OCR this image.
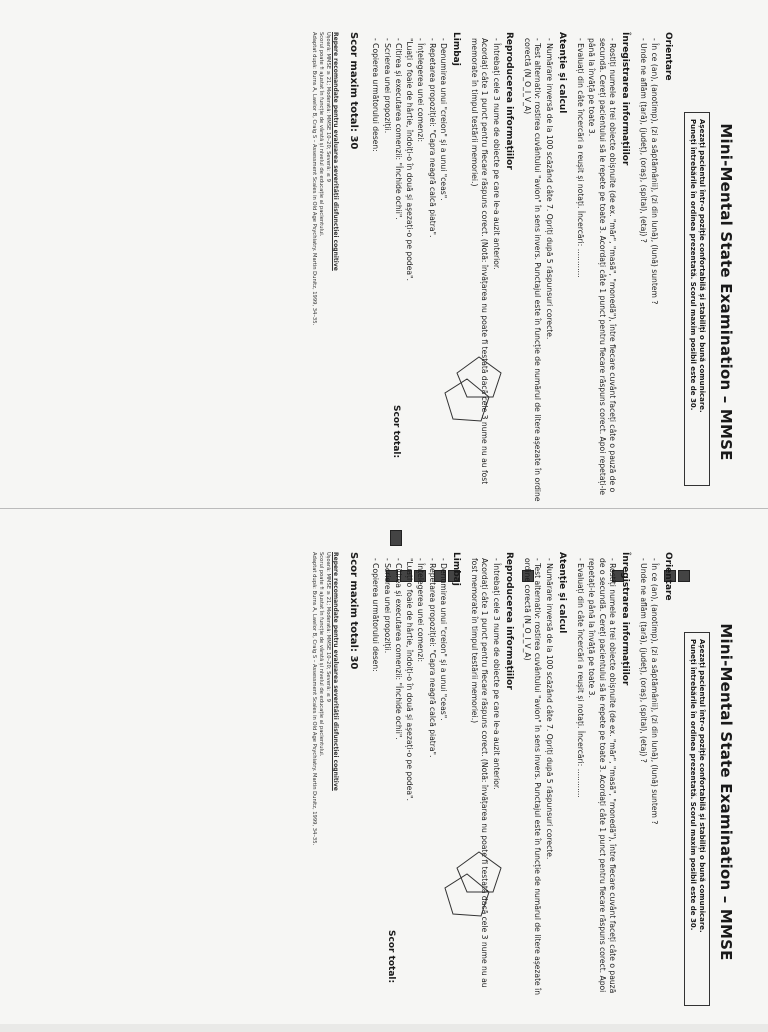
Mini-Mental State Examination – MMSE
Așezați pacientul într-o poziție confortabilă și stabiliți o bună comunicare.
Puneți întrebările în ordinea prezentată. Scorul maxim posibil este de 30.
Orientare
- În ce (an), (anotimp), (zi a săptămânii), (zi din lună), (lună) suntem ?
- Unde ne aflăm (țară), (județ), (oraș), (spital), (etaj) ?
Înregistrarea informațiilor
- Rostiți numele a trei obiecte obișnuite (de ex. "măr", "masă", "monedă"), între fiecare cuvânt faceți câte o pauză de o secundă. Cereți pacientului să le repete pe toate 3. Acordați câte 1 punct pentru fiecare răspuns corect. Apoi repetați-le până la învăță pe toate 3.
- Evaluați din câte încercări a reușit și notați. Încercări: ............
Atenție și calcul
- Numărare inversă de la 100 scăzând câte 7. Opriți după 5 răspunsuri corecte.
- Test alternativ: rostirea cuvântului "avion" în sens invers. Punctajul este în funcție de numărul de litere așezate în ordine corectă (N_O_I_V_A)
Reproducerea informațiilor
- Întrebați cele 3 nume de obiecte pe care le-a auzit anterior.
Acordați câte 1 punct pentru fiecare răspuns corect. (Notă: învățarea nu poate fi testată dacă cele 3 nume nu au fost memorate în timpul testării memoriei.)
Limbaj
- Denumirea unui "creion" și a unui "ceas".
- Repetarea propoziției: "Capra neagră calcă piatra".
- Înțelegerea unei comenzi:
"Luați o foaie de hârtie, îndoiți-o în două și așezați-o pe podea".
- Citirea și executarea comenzii: "Închide ochii".
- Scrierea unei propoziții.
- Copierea următorului desen:
Scor maxim total: 30
Repere recomandate pentru evaluarea severității disfuncției cognitive
Ușoară: MMSE ≥ 21; Moderată: MMSE 10–20; Severă: ≤ 9
Scorul poate fi ajustat în funcție de vârstă și nivelul de educație al pacientului.
Adaptat după: Burns A, Lawlor B, Craig S – Assessment Scales in Old Age Psychiatry. Martin Dunitz, 1999, 34–35.
Scor total:
Mini-Mental State Examination – MMSE
Așezați pacientul într-o poziție confortabilă și stabiliți o bună comunicare.
Puneți întrebările în ordinea prezentată. Scorul maxim posibil este de 30.
Orientare
- În ce (an), (anotimp), (zi a săptămânii), (zi din lună), (lună) suntem ?
- Unde ne aflăm (țară), (județ), (oraș), (spital), (etaj) ?
Înregistrarea informațiilor
- Rostiți numele a trei obiecte obișnuite (de ex. "măr", "masă", "monedă"), între fiecare cuvânt faceți câte o pauză de o secundă. Cereți pacientului să le repete pe toate 3. Acordați câte 1 punct pentru fiecare răspuns corect. Apoi repetați-le până la învăță pe toate 3.
- Evaluați din câte încercări a reușit și notați. Încercări: ............
Atenție și calcul
- Numărare inversă de la 100 scăzând câte 7. Opriți după 5 răspunsuri corecte.
- Test alternativ: rostirea cuvântului "avion" în sens invers. Punctajul este în funcție de numărul de litere așezate în ordine corectă (N_O_I_V_A)
Reproducerea informațiilor
- Întrebați cele 3 nume de obiecte pe care le-a auzit anterior.
Acordați câte 1 punct pentru fiecare răspuns corect. (Notă: învățarea nu poate fi testată dacă cele 3 nume nu au fost memorate în timpul testării memoriei.)
Limbaj
- Denumirea unui "creion" și a unui "ceas".
- Repetarea propoziției: "Capra neagră calcă piatra".
- Înțelegerea unei comenzi:
"Luați o foaie de hârtie, îndoiți-o în două și așezați-o pe podea".
- Citirea și executarea comenzii: "Închide ochii".
- Scrierea unei propoziții.
- Copierea următorului desen:
Scor maxim total: 30
Repere recomandate pentru evaluarea severității disfuncției cognitive
Ușoară: MMSE ≥ 21; Moderată: MMSE 10–20; Severă: ≤ 9
Scorul poate fi ajustat în funcție de vârstă și nivelul de educație al pacientului.
Adaptat după: Burns A, Lawlor B, Craig S – Assessment Scales in Old Age Psychiatry. Martin Dunitz, 1999, 34–35.
Scor total:
